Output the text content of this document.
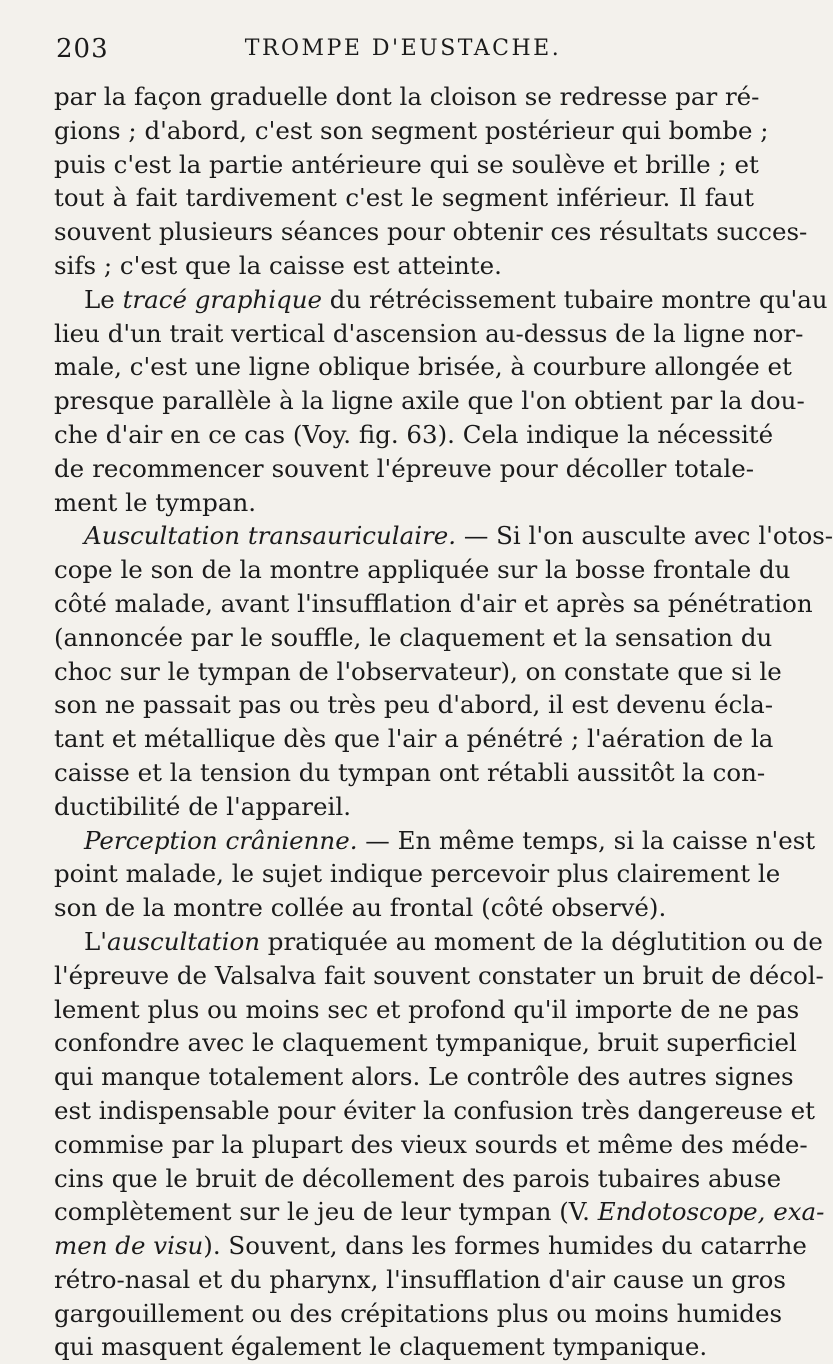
203	TROMPE D'EUSTACHE.
par la façon graduelle dont la cloison se redresse par ré-
gions ; d'abord, c'est son segment postérieur qui bombe ;
puis c'est la partie antérieure qui se soulève et brille ; et
tout à fait tardivement c'est le segment inférieur. Il faut
souvent plusieurs séances pour obtenir ces résultats succes-
sifs ; c'est que la caisse est atteinte.
Le tracé graphique du rétrécissement tubaire montre qu'au
lieu d'un trait vertical d'ascension au-dessus de la ligne nor-
male, c'est une ligne oblique brisée, à courbure allongée et
presque parallèle à la ligne axile que l'on obtient par la dou-
che d'air en ce cas (Voy. fig. 63). Cela indique la nécessité
de recommencer souvent l'épreuve pour décoller totale-
ment le tympan.
Auscultation transauriculaire. — Si l'on ausculte avec l'otos-
cope le son de la montre appliquée sur la bosse frontale du
côté malade, avant l'insufflation d'air et après sa pénétration
(annoncée par le souffle, le claquement et la sensation du
choc sur le tympan de l'observateur), on constate que si le
son ne passait pas ou très peu d'abord, il est devenu écla-
tant et métallique dès que l'air a pénétré ; l'aération de la
caisse et la tension du tympan ont rétabli aussitôt la con-
ductibilité de l'appareil.
Perception crânienne. — En même temps, si la caisse n'est
point malade, le sujet indique percevoir plus clairement le
son de la montre collée au frontal (côté observé).
L'auscultation pratiquée au moment de la déglutition ou de
l'épreuve de Valsalva fait souvent constater un bruit de décol-
lement plus ou moins sec et profond qu'il importe de ne pas
confondre avec le claquement tympanique, bruit superficiel
qui manque totalement alors. Le contrôle des autres signes
est indispensable pour éviter la confusion très dangereuse et
commise par la plupart des vieux sourds et même des méde-
cins que le bruit de décollement des parois tubaires abuse
complètement sur le jeu de leur tympan (V. Endotoscope, exa-
men de visu). Souvent, dans les formes humides du catarrhe
rétro-nasal et du pharynx, l'insufflation d'air cause un gros
gargouillement ou des crépitations plus ou moins humides
qui masquent également le claquement tympanique.
